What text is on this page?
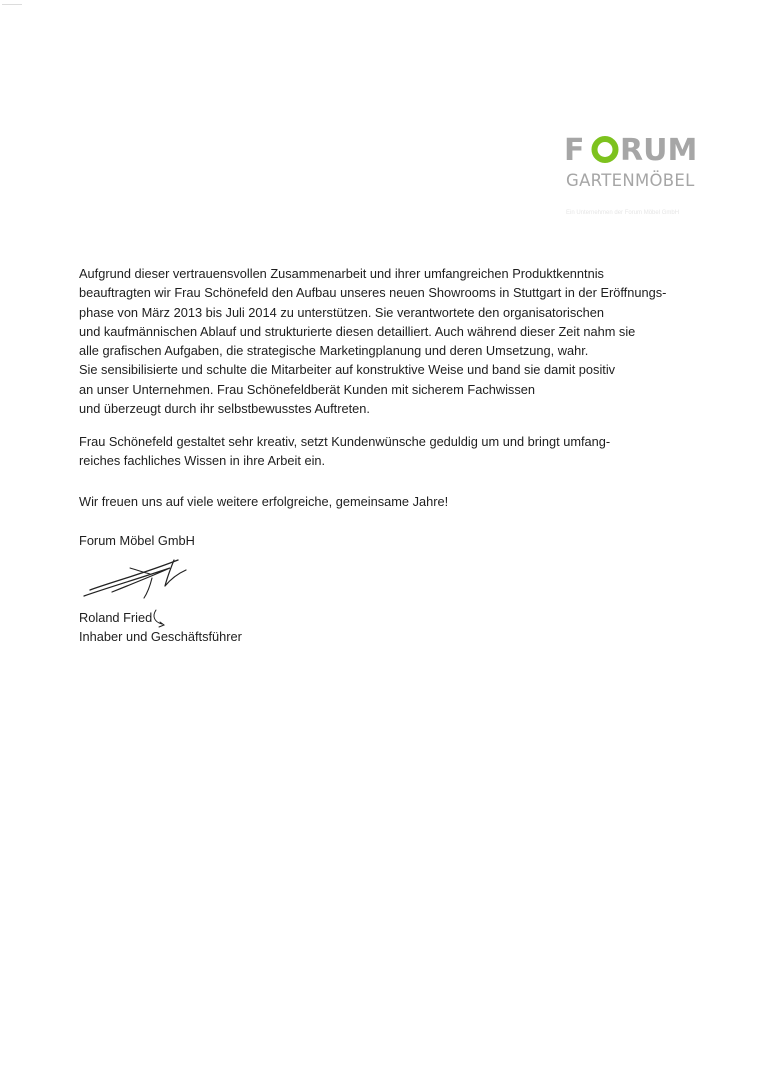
F RUM
GARTENMÖBEL
Ein Unternehmen der Forum Möbel GmbH
Aufgrund dieser vertrauensvollen Zusammenarbeit und ihrer umfangreichen Produktkenntnis
beauftragten wir Frau Schönefeld den Aufbau unseres neuen Showrooms in Stuttgart in der Eröffnungs-
phase von März 2013 bis Juli 2014 zu unterstützen. Sie verantwortete den organisatorischen
und kaufmännischen Ablauf und strukturierte diesen detailliert. Auch während dieser Zeit nahm sie
alle grafischen Aufgaben, die strategische Marketingplanung und deren Umsetzung, wahr.
Sie sensibilisierte und schulte die Mitarbeiter auf konstruktive Weise und band sie damit positiv
an unser Unternehmen. Frau Schönefeldberät Kunden mit sicherem Fachwissen
und überzeugt durch ihr selbstbewusstes Auftreten.
Frau Schönefeld gestaltet sehr kreativ, setzt Kundenwünsche geduldig um und bringt umfang-
reiches fachliches Wissen in ihre Arbeit ein.
Wir freuen uns auf viele weitere erfolgreiche, gemeinsame Jahre!
Forum Möbel GmbH
Roland Fried
Inhaber und Geschäftsführer
